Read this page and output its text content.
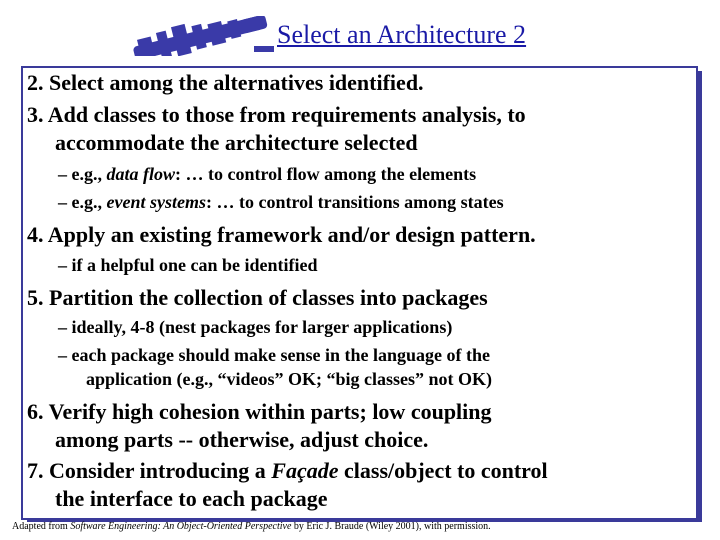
Select an Architecture 2
2. Select among the alternatives identified.
3. Add classes to those from requirements analysis, to
accommodate the architecture selected
– e.g., data flow: … to control flow among the elements
– e.g., event systems: … to control transitions among states
4. Apply an existing framework and/or design pattern.
– if a helpful one can be identified
5. Partition the collection of classes into packages
– ideally, 4-8 (nest packages for larger applications)
– each package should make sense in the language of the
application (e.g., “videos” OK; “big classes” not OK)
6. Verify high cohesion within parts; low coupling
among parts -- otherwise, adjust choice.
7. Consider introducing a Façade class/object to control
the interface to each package
Adapted from Software Engineering: An Object-Oriented Perspective by Eric J. Braude (Wiley 2001), with permission.
